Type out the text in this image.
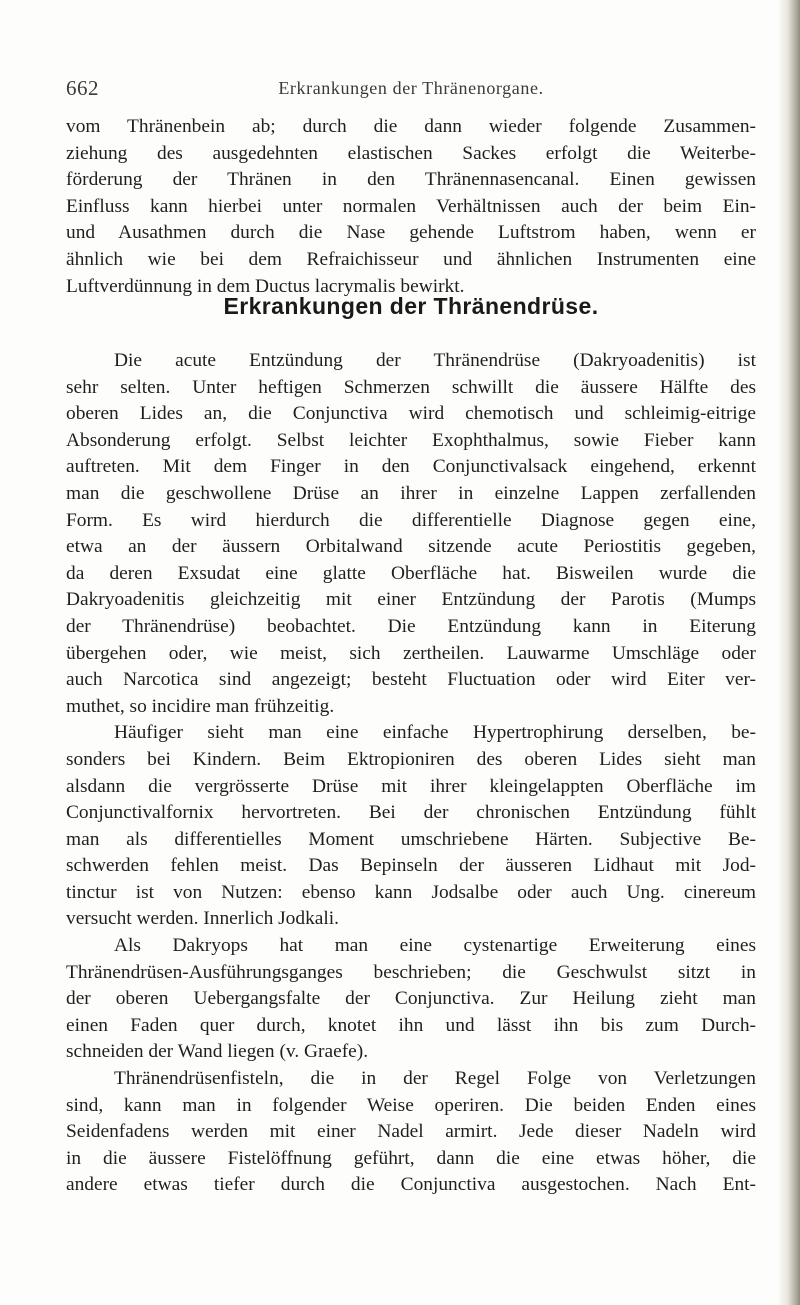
662	Erkrankungen der Thränenorgane.
vom Thränenbein ab; durch die dann wieder folgende Zusammen-
ziehung des ausgedehnten elastischen Sackes erfolgt die Weiterbe-
förderung der Thränen in den Thränennasencanal. Einen gewissen
Einfluss kann hierbei unter normalen Verhältnissen auch der beim Ein-
und Ausathmen durch die Nase gehende Luftstrom haben, wenn er
ähnlich wie bei dem Refraichisseur und ähnlichen Instrumenten eine
Luftverdünnung in dem Ductus lacrymalis bewirkt.
Erkrankungen der Thränendrüse.
Die acute Entzündung der Thränendrüse (Dakryoadenitis) ist
sehr selten. Unter heftigen Schmerzen schwillt die äussere Hälfte des
oberen Lides an, die Conjunctiva wird chemotisch und schleimig-eitrige
Absonderung erfolgt. Selbst leichter Exophthalmus, sowie Fieber kann
auftreten. Mit dem Finger in den Conjunctivalsack eingehend, erkennt
man die geschwollene Drüse an ihrer in einzelne Lappen zerfallenden
Form. Es wird hierdurch die differentielle Diagnose gegen eine,
etwa an der äussern Orbitalwand sitzende acute Periostitis gegeben,
da deren Exsudat eine glatte Oberfläche hat. Bisweilen wurde die
Dakryoadenitis gleichzeitig mit einer Entzündung der Parotis (Mumps
der Thränendrüse) beobachtet. Die Entzündung kann in Eiterung
übergehen oder, wie meist, sich zertheilen. Lauwarme Umschläge oder
auch Narcotica sind angezeigt; besteht Fluctuation oder wird Eiter ver-
muthet, so incidire man frühzeitig.
Häufiger sieht man eine einfache Hypertrophirung derselben, be-
sonders bei Kindern. Beim Ektropioniren des oberen Lides sieht man
alsdann die vergrösserte Drüse mit ihrer kleingelappten Oberfläche im
Conjunctivalfornix hervortreten. Bei der chronischen Entzündung fühlt
man als differentielles Moment umschriebene Härten. Subjective Be-
schwerden fehlen meist. Das Bepinseln der äusseren Lidhaut mit Jod-
tinctur ist von Nutzen: ebenso kann Jodsalbe oder auch Ung. cinereum
versucht werden. Innerlich Jodkali.
Als Dakryops hat man eine cystenartige Erweiterung eines
Thränendrüsen-Ausführungsganges beschrieben; die Geschwulst sitzt in
der oberen Uebergangsfalte der Conjunctiva. Zur Heilung zieht man
einen Faden quer durch, knotet ihn und lässt ihn bis zum Durch-
schneiden der Wand liegen (v. Graefe).
Thränendrüsenfisteln, die in der Regel Folge von Verletzungen
sind, kann man in folgender Weise operiren. Die beiden Enden eines
Seidenfadens werden mit einer Nadel armirt. Jede dieser Nadeln wird
in die äussere Fistelöffnung geführt, dann die eine etwas höher, die
andere etwas tiefer durch die Conjunctiva ausgestochen. Nach Ent-
